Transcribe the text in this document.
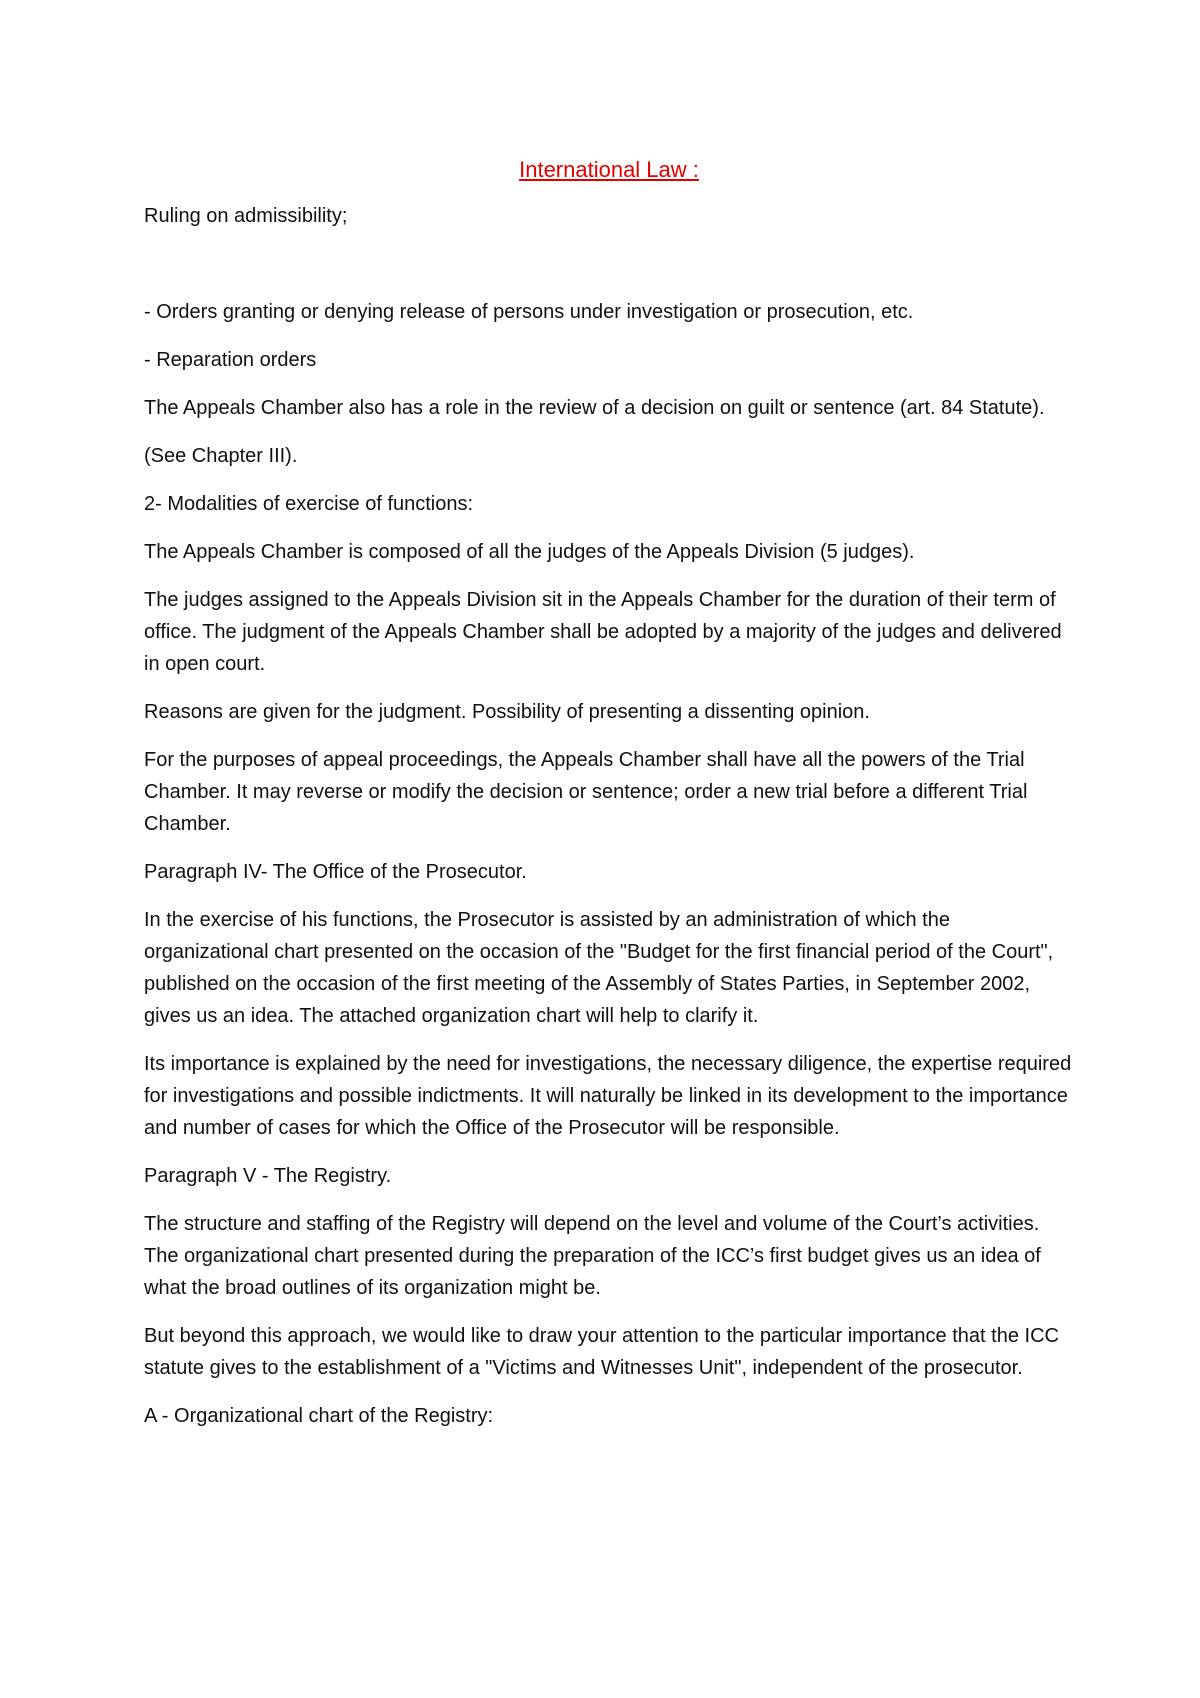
International Law :

Ruling on admissibility;

- Orders granting or denying release of persons under investigation or prosecution, etc.

- Reparation orders

The Appeals Chamber also has a role in the review of a decision on guilt or sentence (art. 84 Statute).

(See Chapter III).

2- Modalities of exercise of functions:

The Appeals Chamber is composed of all the judges of the Appeals Division (5 judges).

The judges assigned to the Appeals Division sit in the Appeals Chamber for the duration of their term of office. The judgment of the Appeals Chamber shall be adopted by a majority of the judges and delivered in open court.

Reasons are given for the judgment. Possibility of presenting a dissenting opinion.

For the purposes of appeal proceedings, the Appeals Chamber shall have all the powers of the Trial Chamber. It may reverse or modify the decision or sentence; order a new trial before a different Trial Chamber.

Paragraph IV- The Office of the Prosecutor.

In the exercise of his functions, the Prosecutor is assisted by an administration of which the organizational chart presented on the occasion of the "Budget for the first financial period of the Court", published on the occasion of the first meeting of the Assembly of States Parties, in September 2002, gives us an idea. The attached organization chart will help to clarify it.

Its importance is explained by the need for investigations, the necessary diligence, the expertise required for investigations and possible indictments. It will naturally be linked in its development to the importance and number of cases for which the Office of the Prosecutor will be responsible.

Paragraph V - The Registry.

The structure and staffing of the Registry will depend on the level and volume of the Court’s activities. The organizational chart presented during the preparation of the ICC’s first budget gives us an idea of what the broad outlines of its organization might be.

But beyond this approach, we would like to draw your attention to the particular importance that the ICC statute gives to the establishment of a "Victims and Witnesses Unit", independent of the prosecutor.

A - Organizational chart of the Registry:
